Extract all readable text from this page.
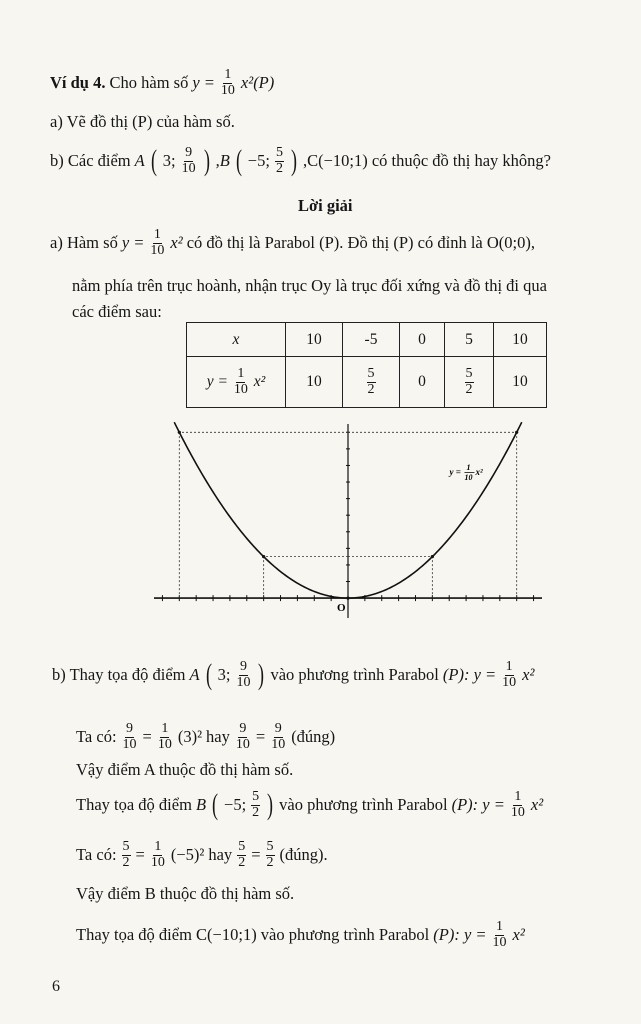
Ví dụ 4. Cho hàm số $y = \frac{1}{10} x^2(P)$
a) Vẽ đồ thị (P) của hàm số.
b) Các điểm A ( 3; $\frac{9}{10}$ ) ,B ( −5; $\frac{5}{2}$ ) ,C(−10;1) có thuộc đồ thị hay không?
Lời giải
a) Hàm số $y = \frac{1}{10} x^2$ có đồ thị là Parabol (P). Đồ thị (P) có đỉnh là O(0;0),
nằm phía trên trục hoành, nhận trục Oy là trục đối xứng và đồ thị đi qua
các điểm sau:
x	10	-5	0	5	10
$y = \frac{1}{10} x^2$	10	$\frac{5}{2}$	0	$\frac{5}{2}$	10
O
y = 1
10
x²
b) Thay tọa độ điểm A ( 3; $\frac{9}{10}$ ) vào phương trình Parabol (P): $y = \frac{1}{10} x^2$
Ta có: $\frac{9}{10} = \frac{1}{10} (3)^2$ hay $\frac{9}{10} = \frac{9}{10}$ (đúng)
Vậy điểm A thuộc đồ thị hàm số.
Thay tọa độ điểm B ( −5; $\frac{5}{2}$ ) vào phương trình Parabol (P): $y = \frac{1}{10} x^2$
Ta có: $\frac{5}{2} = \frac{1}{10} (-5)^2$ hay $\frac{5}{2} = \frac{5}{2}$ (đúng).
Vậy điểm B thuộc đồ thị hàm số.
Thay tọa độ điểm C(−10;1) vào phương trình Parabol (P): $y = \frac{1}{10} x^2$
6
